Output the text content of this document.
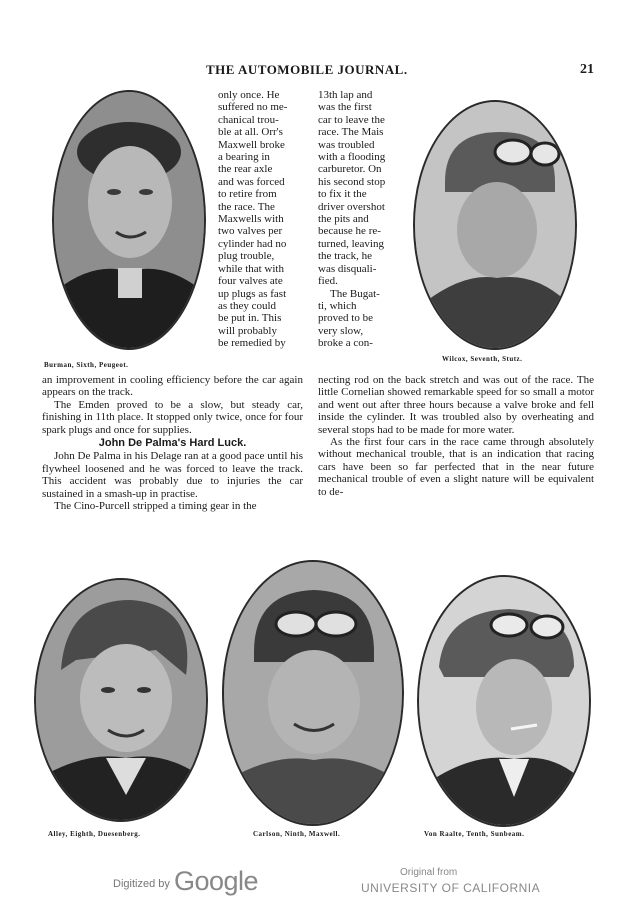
THE AUTOMOBILE JOURNAL.	21
Burman, Sixth, Peugeot.
Wilcox, Seventh, Stutz.

only once. He

suffered no me-

chanical trou-

ble at all. Orr's

Maxwell broke

a bearing in

the rear axle

and was forced

to retire from

the race. The

Maxwells with

two valves per

cylinder had no

plug trouble,

while that with

four valves ate

up plugs as fast

as they could

be put in. This

will probably

be remedied by

13th lap and

was the first

car to leave the

race. The Mais

was troubled

with a flooding

carburetor. On

his second stop

to fix it the

driver overshot

the pits and

because he re-

turned, leaving

the track, he

was disquali-

fied.

The Bugat-

ti, which

proved to be

very slow,

broke a con-

an improvement in cooling efficiency before the car again appears on the track.

The Emden proved to be a slow, but steady car, finishing in 11th place. It stopped only twice, once for four spark plugs and once for supplies.

John De Palma's Hard Luck.

John De Palma in his Delage ran at a good pace until his flywheel loosened and he was forced to leave the track. This accident was probably due to injuries the car sustained in a smash-up in practise.

The Cino-Purcell stripped a timing gear in the

necting rod on the back stretch and was out of the race. The little Cornelian showed remarkable speed for so small a motor and went out after three hours because a valve broke and fell inside the cylinder. It was troubled also by overheating and several stops had to be made for more water.

As the first four cars in the race came through absolutely without mechanical trouble, that is an indication that racing cars have been so far perfected that in the near future mechanical trouble of even a slight nature will be equivalent to de-

Alley, Eighth, Duesenberg.	Carlson, Ninth, Maxwell.	Von Raalte, Tenth, Sunbeam.
Digitized by Google	Original from
UNIVERSITY OF CALIFORNIA
